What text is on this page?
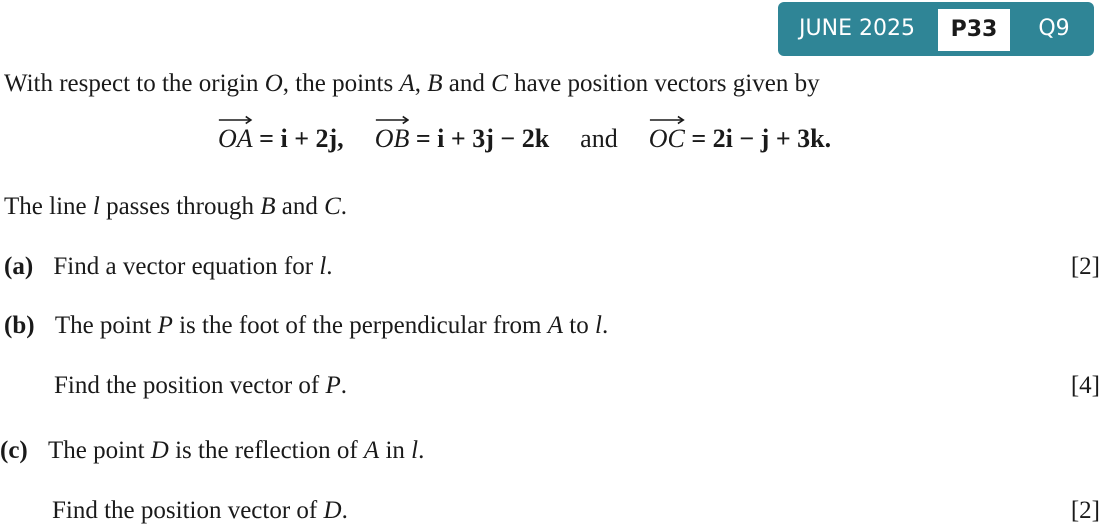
JUNE 2025	P33	Q9
With respect to the origin O, the points A, B and C have position vectors given by
OA = i + 2j, OB = i + 3j − 2k and OC = 2i − j + 3k.
The line l passes through B and C.
(a) Find a vector equation for l.	[2]
(b) The point P is the foot of the perpendicular from A to l.
Find the position vector of P.	[4]
(c) The point D is the reflection of A in l.
Find the position vector of D.	[2]
